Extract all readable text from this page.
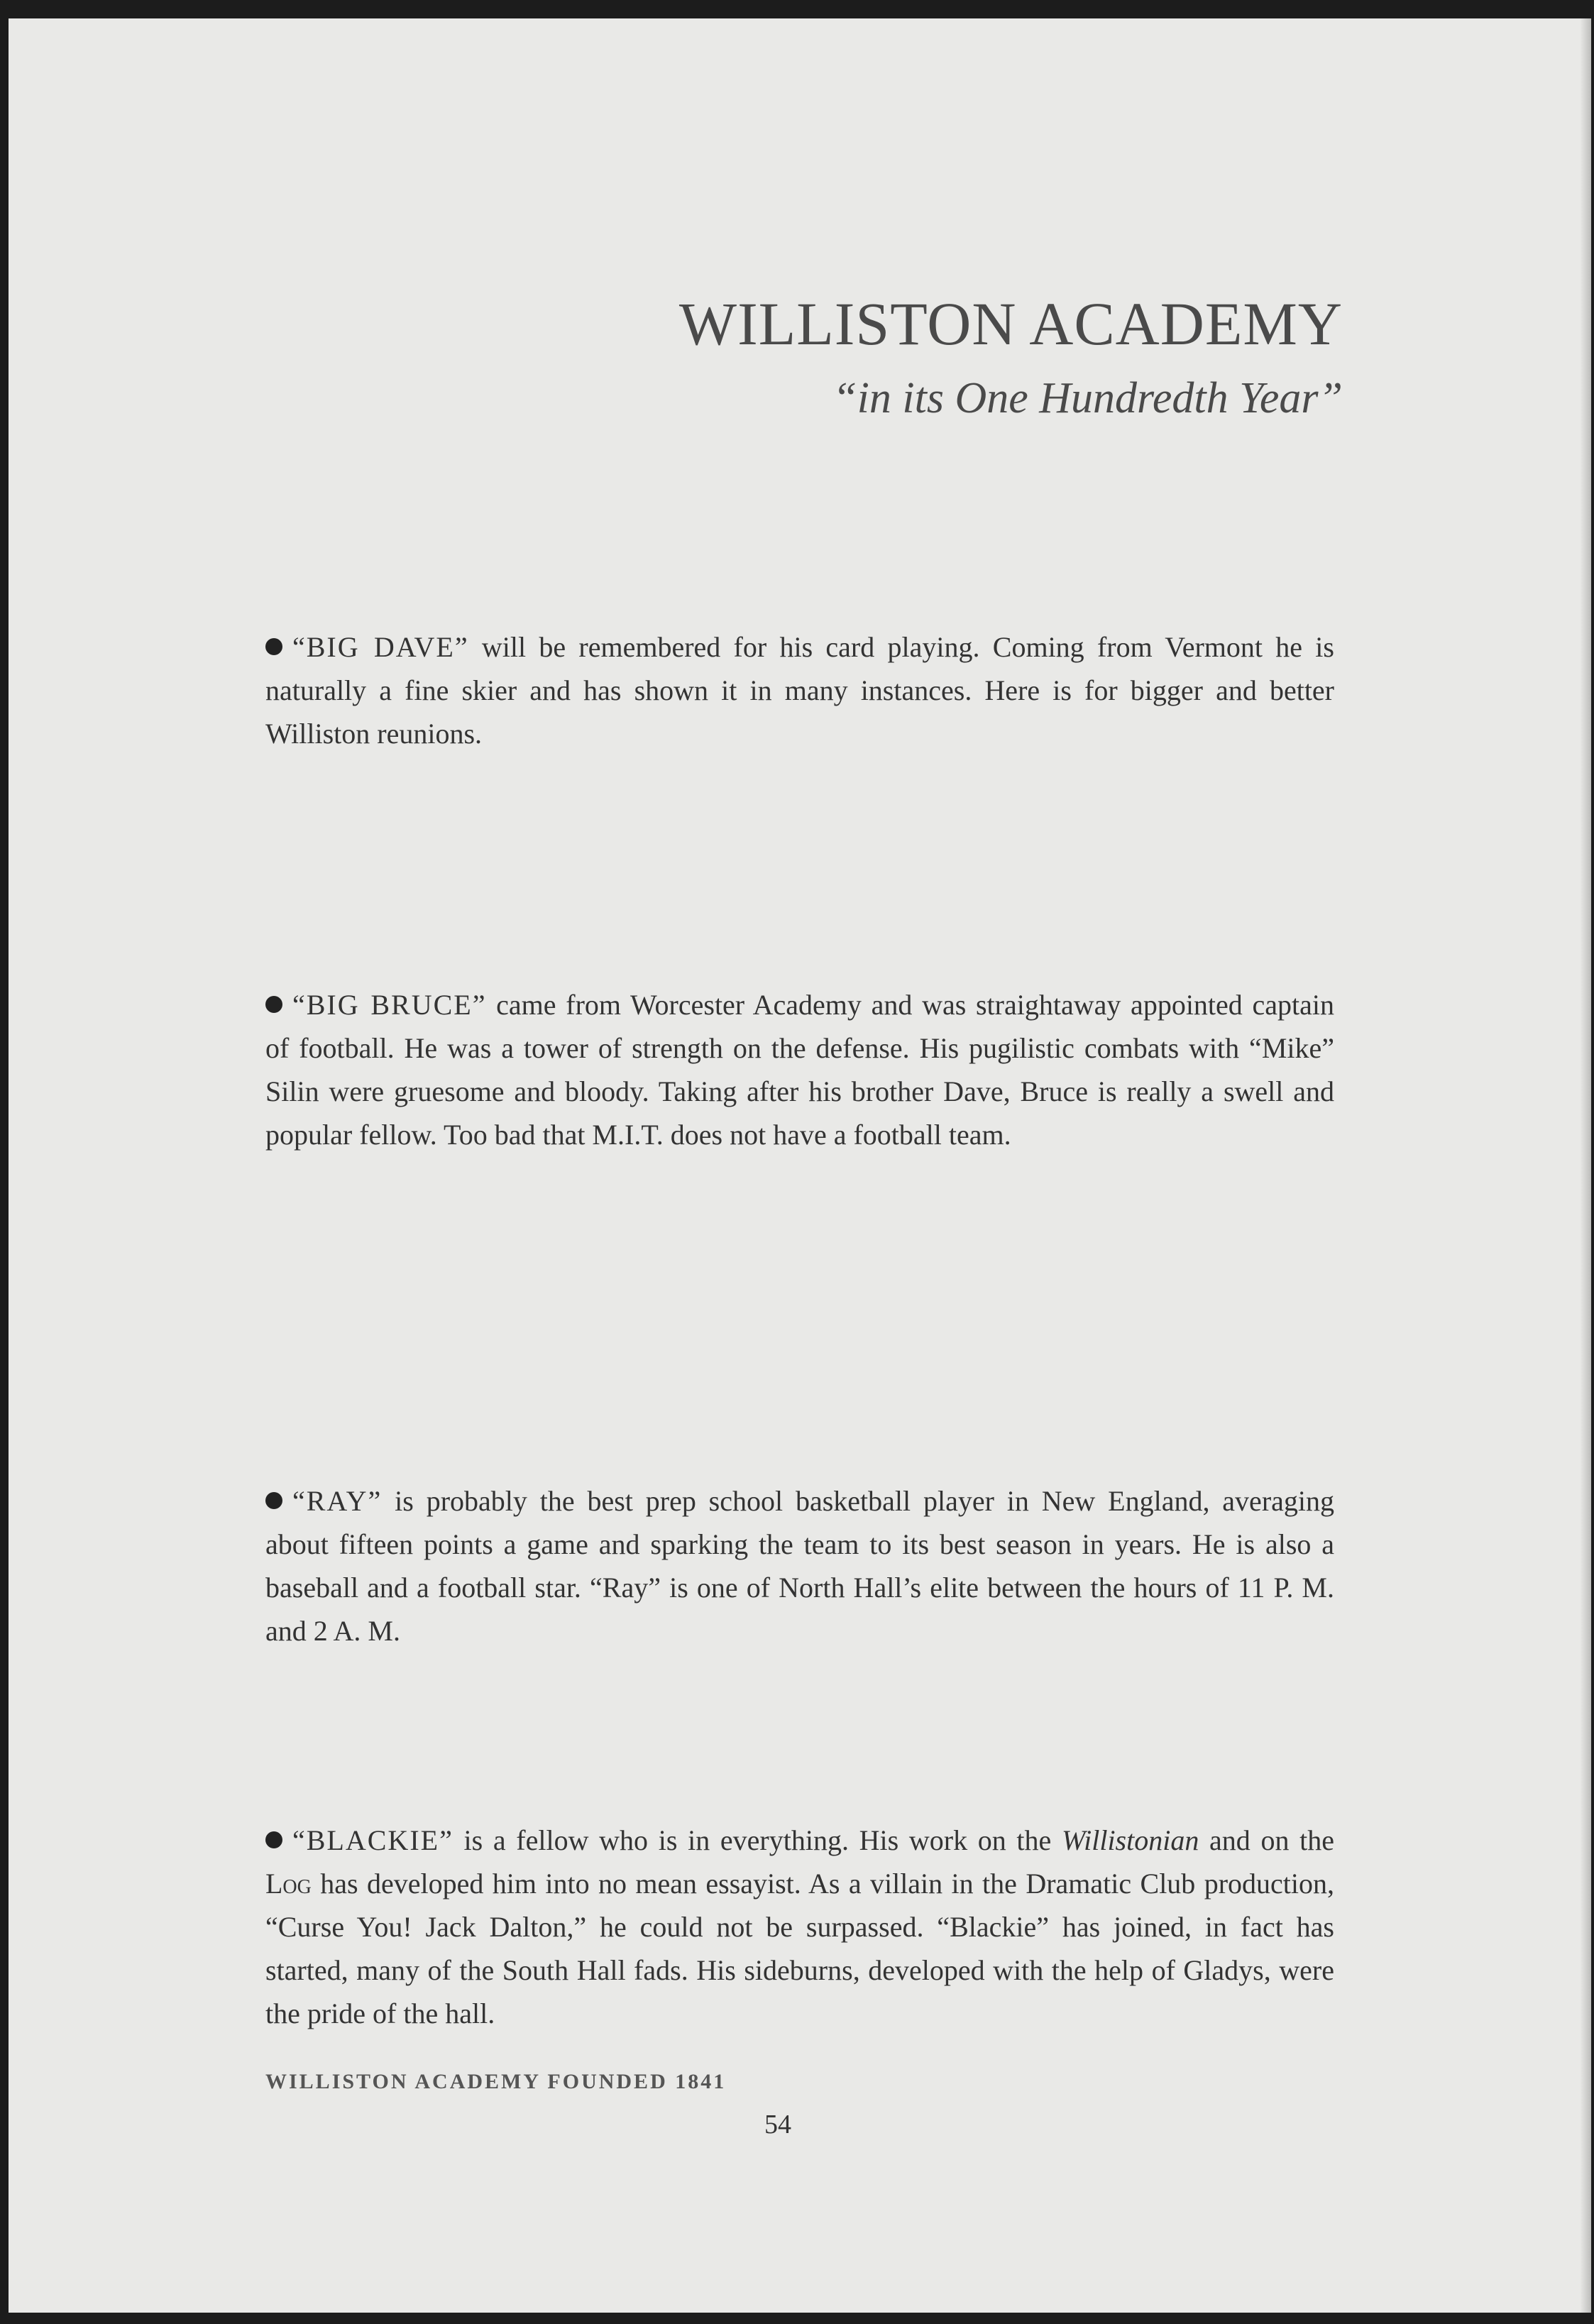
WILLISTON ACADEMY

“in its One Hundredth Year”

“BIG DAVE” will be remembered for his card playing. Coming from Vermont he is naturally a fine skier and has shown it in many instances. Here is for bigger and better Williston reunions.

“BIG BRUCE” came from Worcester Academy and was straightaway appointed captain of football. He was a tower of strength on the defense. His pugilistic combats with “Mike” Silin were gruesome and bloody. Taking after his brother Dave, Bruce is really a swell and popular fellow. Too bad that M.I.T. does not have a football team.

“RAY” is probably the best prep school basketball player in New England, averaging about fifteen points a game and sparking the team to its best season in years. He is also a baseball and a football star. “Ray” is one of North Hall’s elite between the hours of 11 P. M. and 2 A. M.

“BLACKIE” is a fellow who is in everything. His work on the Willistonian and on the Log has developed him into no mean essayist. As a villain in the Dramatic Club production, “Curse You! Jack Dalton,” he could not be surpassed. “Blackie” has joined, in fact has started, many of the South Hall fads. His sideburns, developed with the help of Gladys, were the pride of the hall.

WILLISTON ACADEMY FOUNDED 1841

54
